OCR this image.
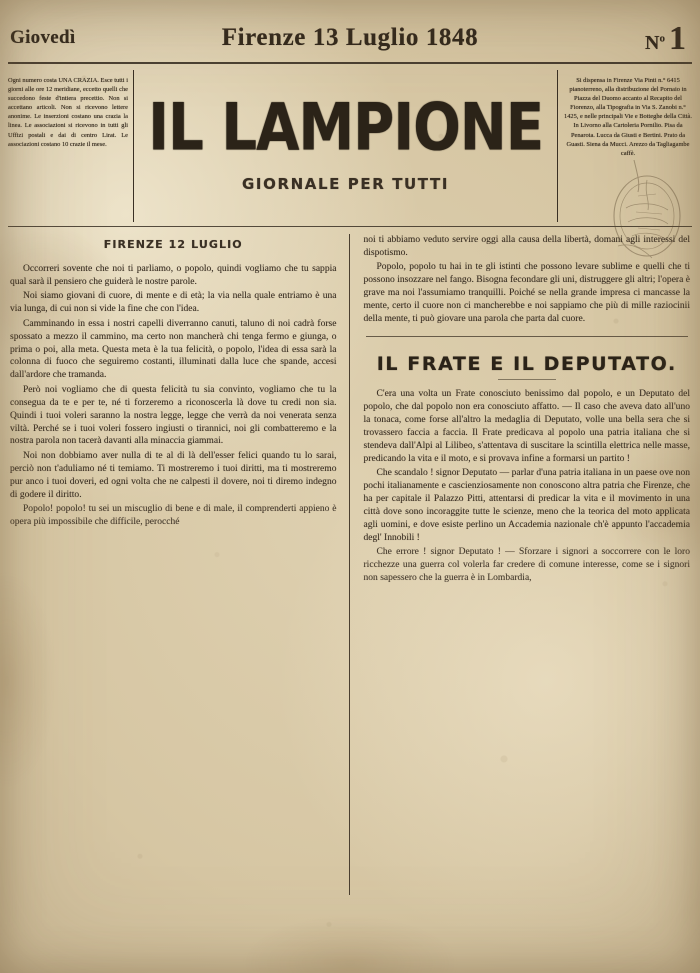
Giovedì	Firenze 13 Luglio 1848	$N^o$ 1
Ogni numero costa UNA CRAZIA. Esce tutti i giorni alle ore 12 meridiane, eccetto quelli che succedono feste d'intiera precettio. Non si accettano articoli. Non si ricevono lettere anonime. Le inserzioni costano una crazia la linea. Le associazioni si ricevono in tutti gli Uffizi postali e dai di centro Lirat. Le associazioni costano 10 crazie il mese. IL LAMPIONE
GIORNALE PER TUTTI
Si dispensa in Firenze Via Pinti n.° 6415 pianoterreno, alla distribuzione del Pornaio in Piazza del Duomo accanto al Recapito del Fiorenzo, alla Tipografia in Via S. Zanobi n.° 1425, e nelle principali Vie e Botteghe della Città. In Livorno alla Cartoleria Pornilio. Pisa da Penarota. Lucca da Giusti e Bertini. Prato da Guasti. Siena da Mucci. Arezzo da Tagliagambe caffè.
FIRENZE 12 LUGLIO

Occorreri sovente che noi ti parliamo, o popolo, quindi vogliamo che tu sappia qual sarà il pensiero che guiderà le nostre parole.

Noi siamo giovani di cuore, di mente e di età; la via nella quale entriamo è una via lunga, di cui non si vide la fine che con l'idea.

Camminando in essa i nostri capelli diverranno canuti, taluno di noi cadrà forse spossato a mezzo il cammino, ma certo non mancherà chi tenga fermo e giunga, o prima o poi, alla meta. Questa meta è la tua felicità, o popolo, l'idea di essa sarà la colonna di fuoco che seguiremo costanti, illuminati dalla luce che spande, accesi dall'ardore che tramanda.

Però noi vogliamo che di questa felicità tu sia convinto, vogliamo che tu la consegua da te e per te, né ti forzeremo a riconoscerla là dove tu credi non sia. Quindi i tuoi voleri saranno la nostra legge, legge che verrà da noi venerata senza viltà. Perché se i tuoi voleri fossero ingiusti o tirannici, noi gli combatteremo e la nostra parola non tacerà davanti alla minaccia giammai.

Noi non dobbiamo aver nulla di te al di là dell'esser felici quando tu lo sarai, perciò non t'aduliamo né ti temiamo. Ti mostreremo i tuoi diritti, ma ti mostreremo pur anco i tuoi doveri, ed ogni volta che ne calpesti il dovere, noi ti diremo indegno di godere il diritto.

Popolo! popolo! tu sei un miscuglio di bene e di male, il comprenderti appieno è opera più impossibile che difficile, perocché

noi ti abbiamo veduto servire oggi alla causa della libertà, domani agli interessi del dispotismo.

Popolo, popolo tu hai in te gli istinti che possono levare sublime e quelli che ti possono insozzare nel fango. Bisogna fecondare gli uni, distruggere gli altri; l'opera è grave ma noi l'assumiamo tranquilli. Poiché se nella grande impresa ci mancasse la mente, certo il cuore non ci mancherebbe e noi sappiamo che più di mille raziocinii della mente, ti può giovare una parola che parta dal cuore.

IL FRATE E IL DEPUTATO.

C'era una volta un Frate conosciuto benissimo dal popolo, e un Deputato del popolo, che dal popolo non era conosciuto affatto. — Il caso che aveva dato all'uno la tonaca, come forse all'altro la medaglia di Deputato, volle una bella sera che si trovassero faccia a faccia. Il Frate predicava al popolo una patria italiana che si stendeva dall'Alpi al Lilibeo, s'attentava di suscitare la scintilla elettrica nelle masse, predicando la vita e il moto, e si provava infine a formarsi un partito !

Che scandalo ! signor Deputato — parlar d'una patria italiana in un paese ove non pochi italianamente e cascienziosamente non conoscono altra patria che Firenze, che ha per capitale il Palazzo Pitti, attentarsi di predicar la vita e il movimento in una città dove sono incoraggite tutte le scienze, meno che la teorica del moto applicata agli uomini, e dove esiste perlino un Accademia nazionale ch'è appunto l'accademia degl' Innobili !

Che errore ! signor Deputato ! — Sforzare i signori a soccorrere con le loro ricchezze una guerra col volerla far credere di comune interesse, come se i signori non sapessero che la guerra è in Lombardia,
